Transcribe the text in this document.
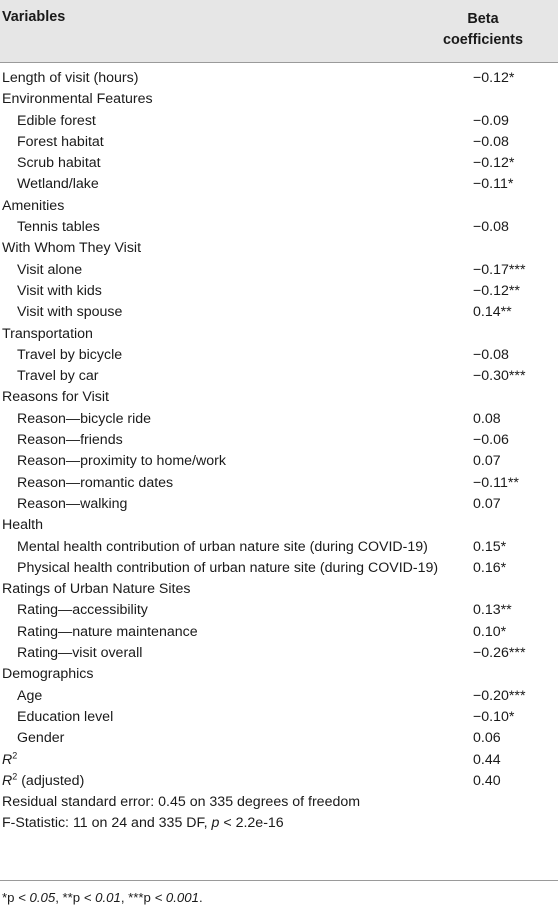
Variables	Beta
coefficients
Length of visit (hours)	−0.12*
Environmental Features
Edible forest	−0.09
Forest habitat	−0.08
Scrub habitat	−0.12*
Wetland/lake	−0.11*
Amenities
Tennis tables	−0.08
With Whom They Visit
Visit alone	−0.17***
Visit with kids	−0.12**
Visit with spouse	0.14**
Transportation
Travel by bicycle	−0.08
Travel by car	−0.30***
Reasons for Visit
Reason—bicycle ride	0.08
Reason—friends	−0.06
Reason—proximity to home/work	0.07
Reason—romantic dates	−0.11**
Reason—walking	0.07
Health
Mental health contribution of urban nature site (during COVID-19)	0.15*
Physical health contribution of urban nature site (during COVID-19)	0.16*
Ratings of Urban Nature Sites
Rating—accessibility	0.13**
Rating—nature maintenance	0.10*
Rating—visit overall	−0.26***
Demographics
Age	−0.20***
Education level	−0.10*
Gender	0.06
$R^2$	0.44
$R^2$ (adjusted)	0.40
Residual standard error: 0.45 on 335 degrees of freedom
F-Statistic: 11 on 24 and 335 DF, p < 2.2e-16
*p < 0.05, **p < 0.01, ***p < 0.001.
